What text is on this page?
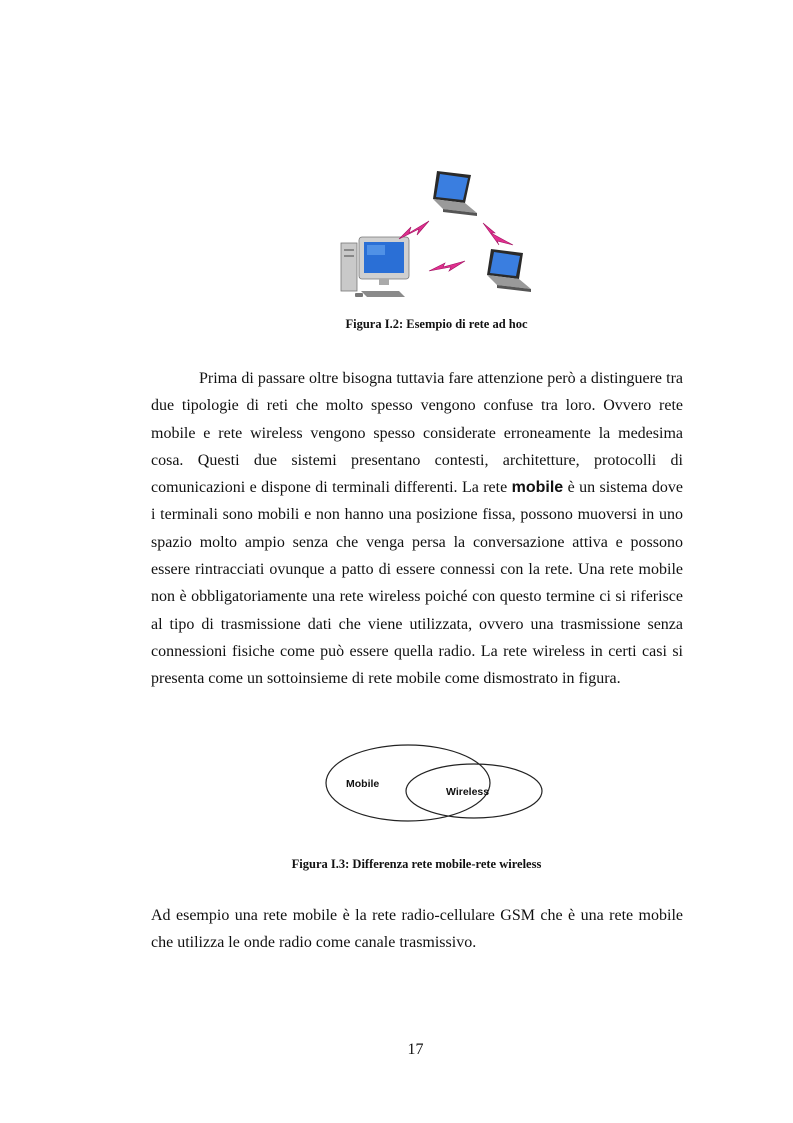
Figura I.2: Esempio di rete ad hoc

Prima di passare oltre bisogna tuttavia fare attenzione però a distinguere tra due tipologie di reti che molto spesso vengono confuse tra loro. Ovvero rete mobile e rete wireless vengono spesso considerate erroneamente la medesima cosa. Questi due sistemi presentano contesti, architetture, protocolli di comunicazioni e dispone di terminali differenti. La rete mobile è un sistema dove i terminali sono mobili e non hanno una posizione fissa, possono muoversi in uno spazio molto ampio senza che venga persa la conversazione attiva e possono essere rintracciati ovunque a patto di essere connessi con la rete. Una rete mobile non è obbligatoriamente una rete wireless poiché con questo termine ci si riferisce al tipo di trasmissione dati che viene utilizzata, ovvero una trasmissione senza connessioni fisiche come può essere quella radio. La rete wireless in certi casi si presenta come un sottoinsieme di rete mobile come dismostrato in figura.

Mobile
Wireless
Figura I.3: Differenza rete mobile-rete wireless

Ad esempio una rete mobile è la rete radio-cellulare GSM che è una rete mobile che utilizza le onde radio come canale trasmissivo.

17
